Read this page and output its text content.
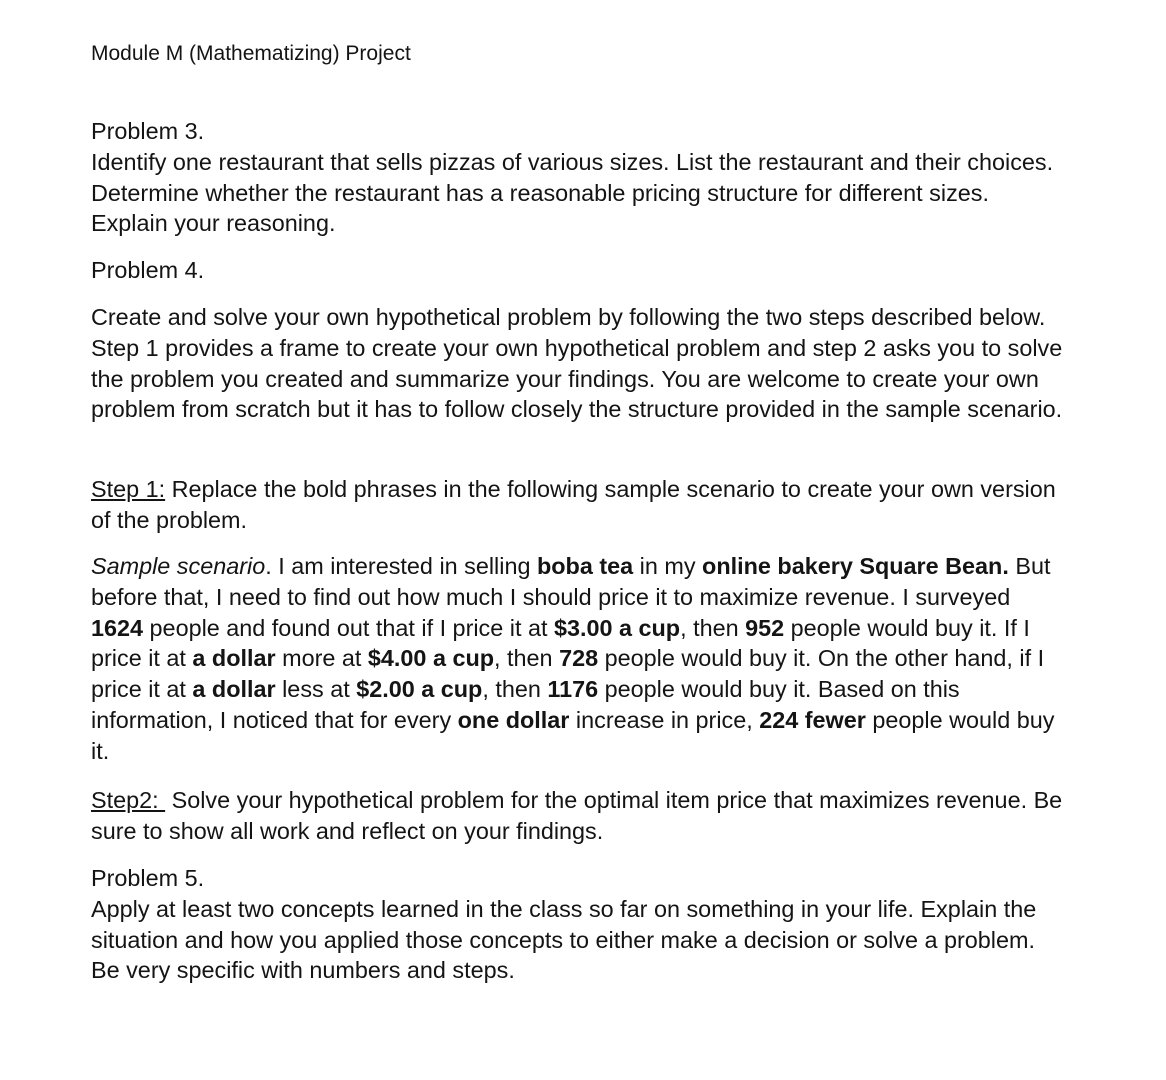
Module M (Mathematizing) Project

Problem 3.

Identify one restaurant that sells pizzas of various sizes. List the restaurant and their choices. Determine whether the restaurant has a reasonable pricing structure for different sizes. Explain your reasoning.

Problem 4.

Create and solve your own hypothetical problem by following the two steps described below. Step 1 provides a frame to create your own hypothetical problem and step 2 asks you to solve the problem you created and summarize your findings. You are welcome to create your own problem from scratch but it has to follow closely the structure provided in the sample scenario.

Step 1: Replace the bold phrases in the following sample scenario to create your own version of the problem.

Sample scenario. I am interested in selling boba tea in my online bakery Square Bean. But before that, I need to find out how much I should price it to maximize revenue. I surveyed 1624 people and found out that if I price it at $3.00 a cup, then 952 people would buy it. If I price it at a dollar more at $4.00 a cup, then 728 people would buy it. On the other hand, if I price it at a dollar less at $2.00 a cup, then 1176 people would buy it. Based on this information, I noticed that for every one dollar increase in price, 224 fewer people would buy it.

Step2:  Solve your hypothetical problem for the optimal item price that maximizes revenue. Be sure to show all work and reflect on your findings.

Problem 5.

Apply at least two concepts learned in the class so far on something in your life. Explain the situation and how you applied those concepts to either make a decision or solve a problem. Be very specific with numbers and steps.
